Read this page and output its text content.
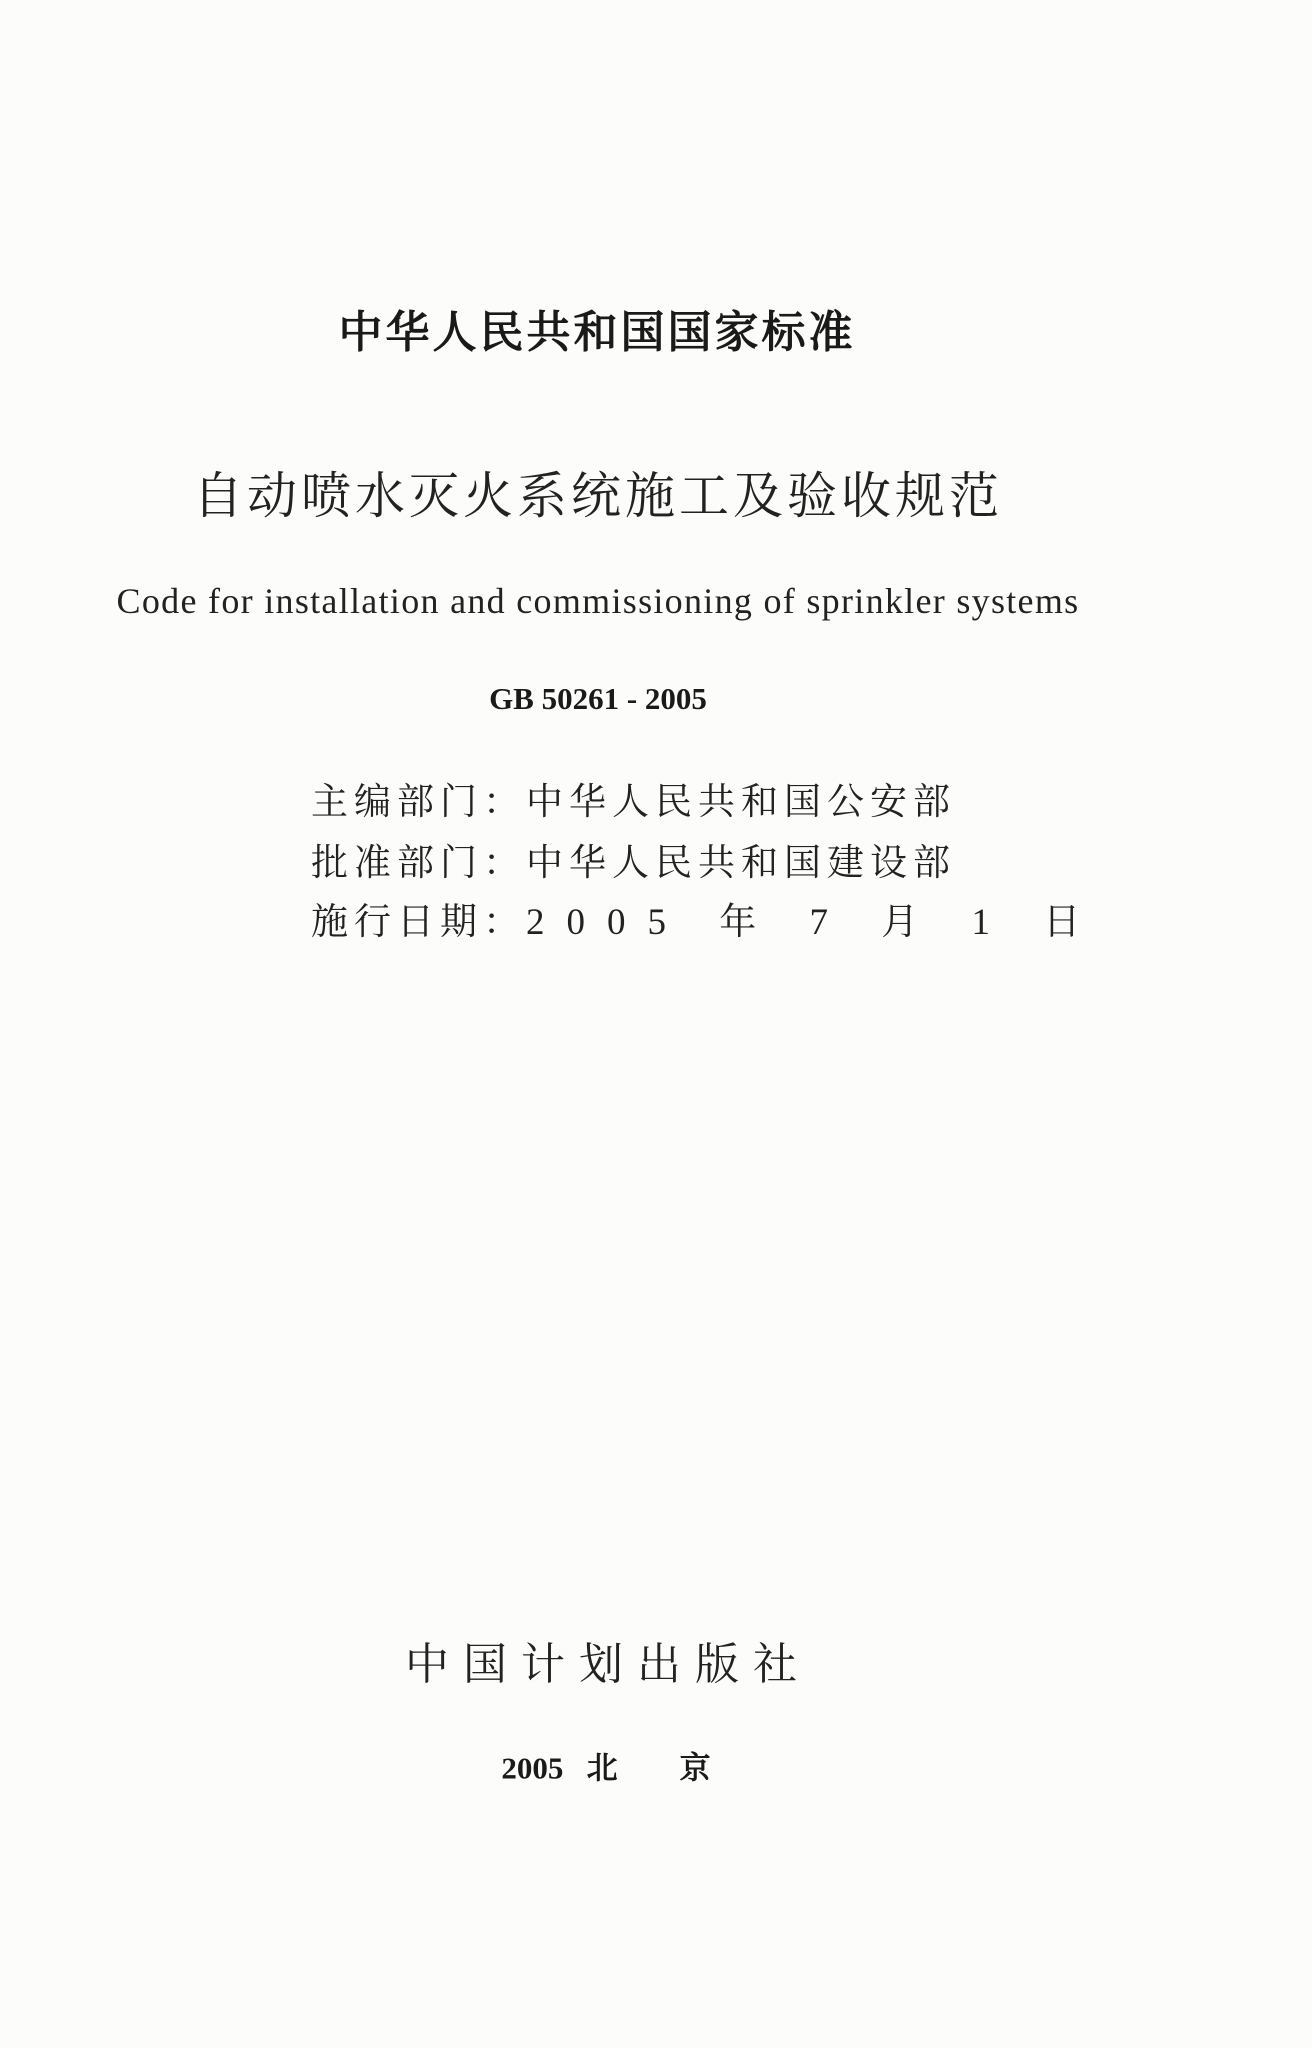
中华人民共和国国家标准
自动喷水灭火系统施工及验收规范
Code for installation and commissioning of sprinkler systems
GB 50261 - 2005
主编部门：中华人民共和国公安部
批准部门：中华人民共和国建设部
施行日期：2005 年 7 月 1 日
中国计划出版社
2005 北　　京
